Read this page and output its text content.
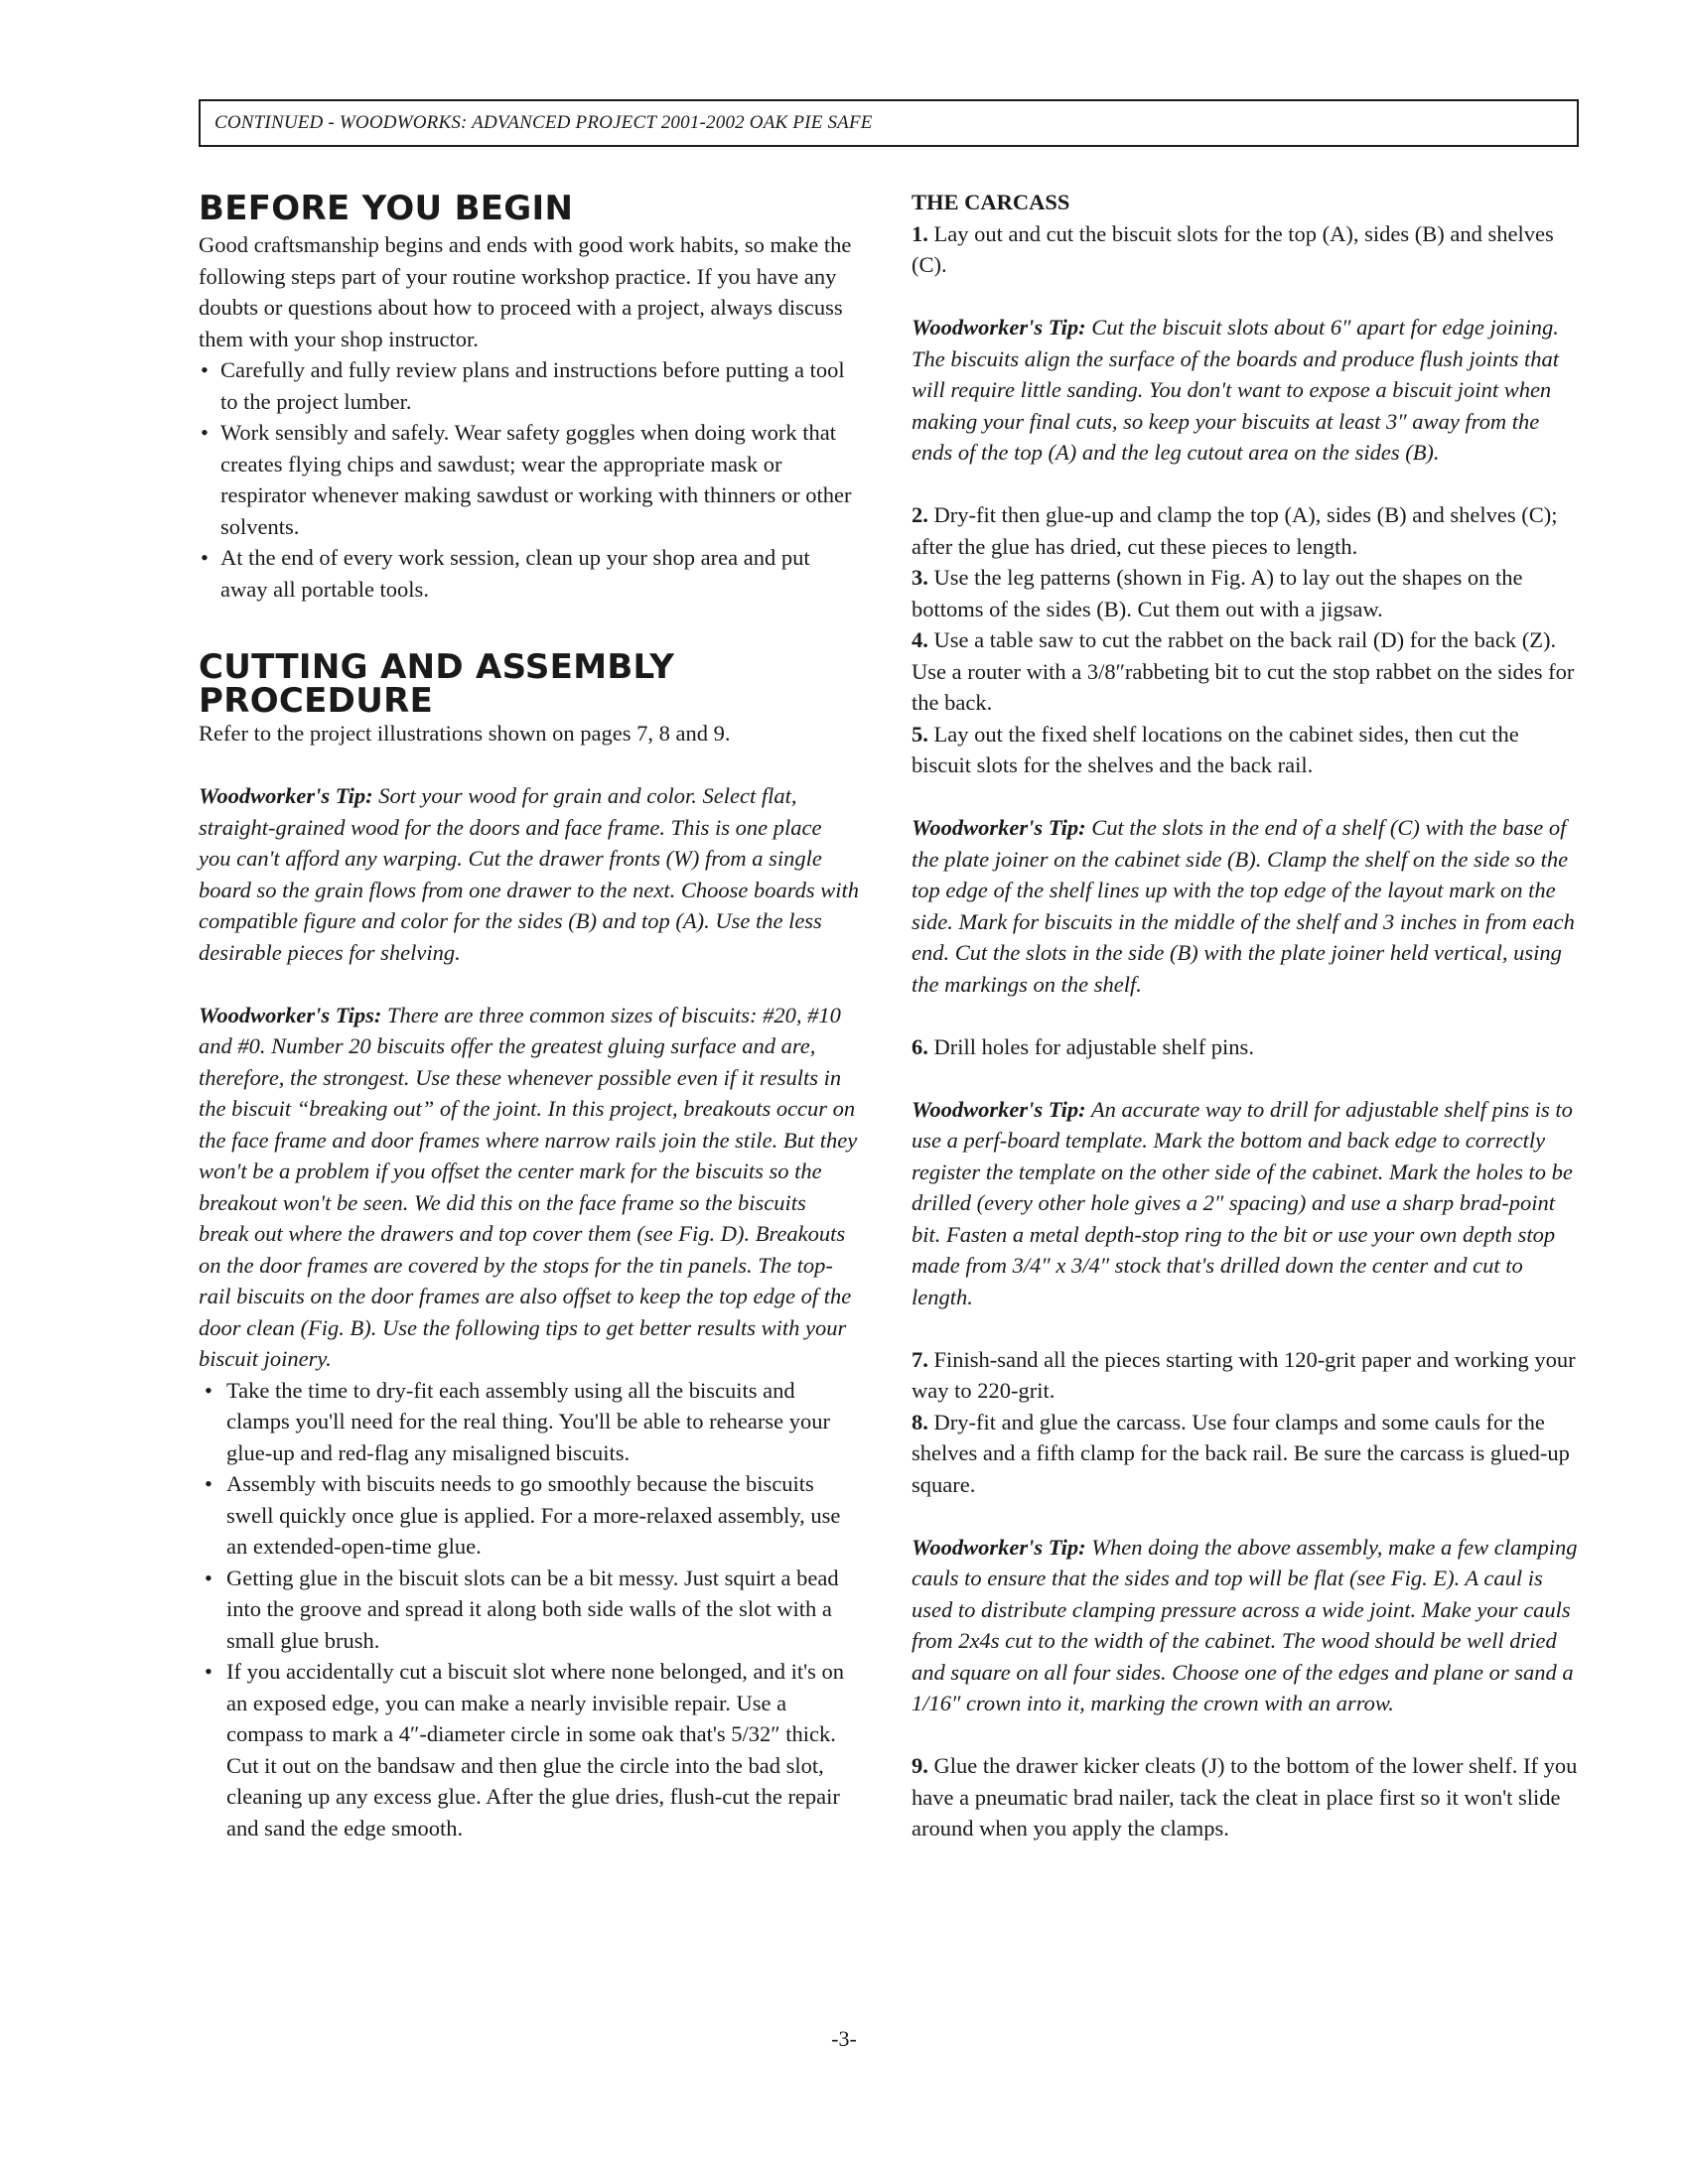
CONTINUED - WOODWORKS: ADVANCED PROJECT 2001-2002 OAK PIE SAFE
BEFORE YOU BEGIN

Good craftsmanship begins and ends with good work habits, so make the following steps part of your routine workshop practice. If you have any doubts or questions about how to proceed with a project, always discuss them with your shop instructor.

• Carefully and fully review plans and instructions before putting a tool to the project lumber.
• Work sensibly and safely. Wear safety goggles when doing work that creates flying chips and sawdust; wear the appropriate mask or respirator whenever making sawdust or working with thinners or other solvents.
• At the end of every work session, clean up your shop area and put away all portable tools.
CUTTING AND ASSEMBLY
PROCEDURE

Refer to the project illustrations shown on pages 7, 8 and 9.

Woodworker's Tip: Sort your wood for grain and color. Select flat, straight-grained wood for the doors and face frame. This is one place you can't afford any warping. Cut the drawer fronts (W) from a single board so the grain flows from one drawer to the next. Choose boards with compatible figure and color for the sides (B) and top (A). Use the less desirable pieces for shelving.

Woodworker's Tips: There are three common sizes of biscuits: #20, #10 and #0. Number 20 biscuits offer the greatest gluing surface and are, therefore, the strongest. Use these whenever possible even if it results in the biscuit “breaking out” of the joint. In this project, breakouts occur on the face frame and door frames where narrow rails join the stile. But they won't be a problem if you offset the center mark for the biscuits so the breakout won't be seen. We did this on the face frame so the biscuits break out where the drawers and top cover them (see Fig. D). Breakouts on the door frames are covered by the stops for the tin panels. The top-rail biscuits on the door frames are also offset to keep the top edge of the door clean (Fig. B). Use the following tips to get better results with your biscuit joinery.

• Take the time to dry-fit each assembly using all the biscuits and clamps you'll need for the real thing. You'll be able to rehearse your glue-up and red-flag any misaligned biscuits.
• Assembly with biscuits needs to go smoothly because the biscuits swell quickly once glue is applied. For a more-relaxed assembly, use an extended-open-time glue.
• Getting glue in the biscuit slots can be a bit messy. Just squirt a bead into the groove and spread it along both side walls of the slot with a small glue brush.
• If you accidentally cut a biscuit slot where none belonged, and it's on an exposed edge, you can make a nearly invisible repair. Use a compass to mark a 4″-diameter circle in some oak that's 5/32″ thick. Cut it out on the bandsaw and then glue the circle into the bad slot, cleaning up any excess glue. After the glue dries, flush-cut the repair and sand the edge smooth.

THE CARCASS

1. Lay out and cut the biscuit slots for the top (A), sides (B) and shelves (C).

Woodworker's Tip: Cut the biscuit slots about 6″ apart for edge joining. The biscuits align the surface of the boards and produce flush joints that will require little sanding. You don't want to expose a biscuit joint when making your final cuts, so keep your biscuits at least 3″ away from the ends of the top (A) and the leg cutout area on the sides (B).

2. Dry-fit then glue-up and clamp the top (A), sides (B) and shelves (C); after the glue has dried, cut these pieces to length.

3. Use the leg patterns (shown in Fig. A) to lay out the shapes on the bottoms of the sides (B). Cut them out with a jigsaw.

4. Use a table saw to cut the rabbet on the back rail (D) for the back (Z). Use a router with a 3/8″rabbeting bit to cut the stop rabbet on the sides for the back.

5. Lay out the fixed shelf locations on the cabinet sides, then cut the biscuit slots for the shelves and the back rail.

Woodworker's Tip: Cut the slots in the end of a shelf (C) with the base of the plate joiner on the cabinet side (B). Clamp the shelf on the side so the top edge of the shelf lines up with the top edge of the layout mark on the side. Mark for biscuits in the middle of the shelf and 3 inches in from each end. Cut the slots in the side (B) with the plate joiner held vertical, using the markings on the shelf.

6. Drill holes for adjustable shelf pins.

Woodworker's Tip: An accurate way to drill for adjustable shelf pins is to use a perf-board template. Mark the bottom and back edge to correctly register the template on the other side of the cabinet. Mark the holes to be drilled (every other hole gives a 2″ spacing) and use a sharp brad-point bit. Fasten a metal depth-stop ring to the bit or use your own depth stop made from 3/4″ x 3/4″ stock that's drilled down the center and cut to length.

7. Finish-sand all the pieces starting with 120-grit paper and working your way to 220-grit.

8. Dry-fit and glue the carcass. Use four clamps and some cauls for the shelves and a fifth clamp for the back rail. Be sure the carcass is glued-up square.

Woodworker's Tip: When doing the above assembly, make a few clamping cauls to ensure that the sides and top will be flat (see Fig. E). A caul is used to distribute clamping pressure across a wide joint. Make your cauls from 2x4s cut to the width of the cabinet. The wood should be well dried and square on all four sides. Choose one of the edges and plane or sand a 1/16″ crown into it, marking the crown with an arrow.

9. Glue the drawer kicker cleats (J) to the bottom of the lower shelf. If you have a pneumatic brad nailer, tack the cleat in place first so it won't slide around when you apply the clamps.

-3-
